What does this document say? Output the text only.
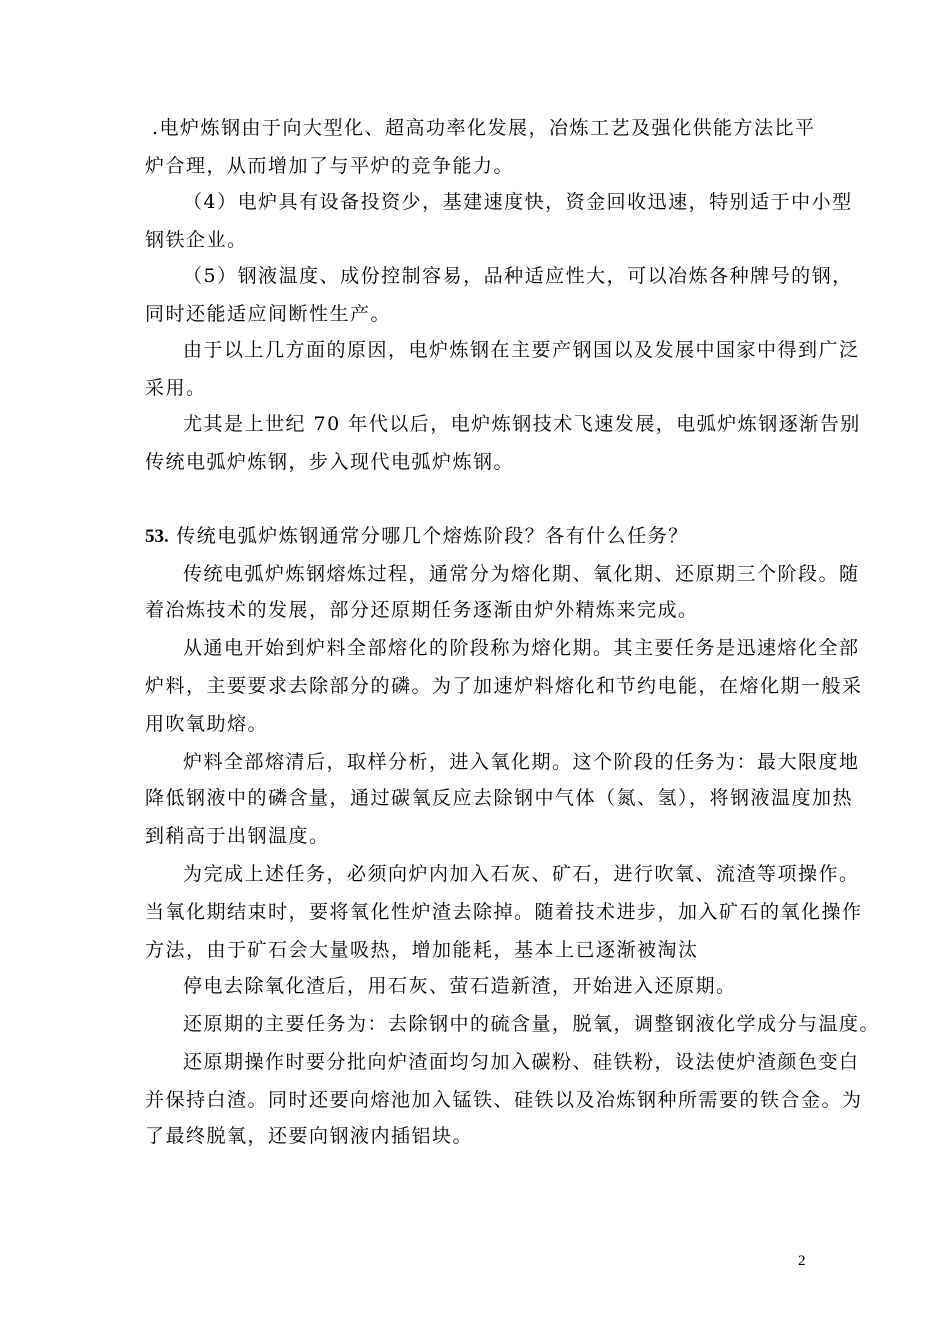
.电炉炼钢由于向大型化、超高功率化发展，冶炼工艺及强化供能方法比平
炉合理，从而增加了与平炉的竞争能力。
（4）电炉具有设备投资少，基建速度快，资金回收迅速，特别适于中小型
钢铁企业。
（5）钢液温度、成份控制容易，品种适应性大，可以冶炼各种牌号的钢，
同时还能适应间断性生产。
由于以上几方面的原因，电炉炼钢在主要产钢国以及发展中国家中得到广泛
采用。
尤其是上世纪 70 年代以后，电炉炼钢技术飞速发展，电弧炉炼钢逐渐告别
传统电弧炉炼钢，步入现代电弧炉炼钢。
53. 传统电弧炉炼钢通常分哪几个熔炼阶段？各有什么任务？
传统电弧炉炼钢熔炼过程，通常分为熔化期、氧化期、还原期三个阶段。随
着冶炼技术的发展，部分还原期任务逐渐由炉外精炼来完成。
从通电开始到炉料全部熔化的阶段称为熔化期。其主要任务是迅速熔化全部
炉料，主要要求去除部分的磷。为了加速炉料熔化和节约电能，在熔化期一般采
用吹氧助熔。
炉料全部熔清后，取样分析，进入氧化期。这个阶段的任务为：最大限度地
降低钢液中的磷含量，通过碳氧反应去除钢中气体（氮、氢），将钢液温度加热
到稍高于出钢温度。
为完成上述任务，必须向炉内加入石灰、矿石，进行吹氧、流渣等项操作。
当氧化期结束时，要将氧化性炉渣去除掉。随着技术进步，加入矿石的氧化操作
方法，由于矿石会大量吸热，增加能耗，基本上已逐渐被淘汰
停电去除氧化渣后，用石灰、萤石造新渣，开始进入还原期。
还原期的主要任务为：去除钢中的硫含量，脱氧，调整钢液化学成分与温度。
还原期操作时要分批向炉渣面均匀加入碳粉、硅铁粉，设法使炉渣颜色变白
并保持白渣。同时还要向熔池加入锰铁、硅铁以及冶炼钢种所需要的铁合金。为
了最终脱氧，还要向钢液内插铝块。
2
